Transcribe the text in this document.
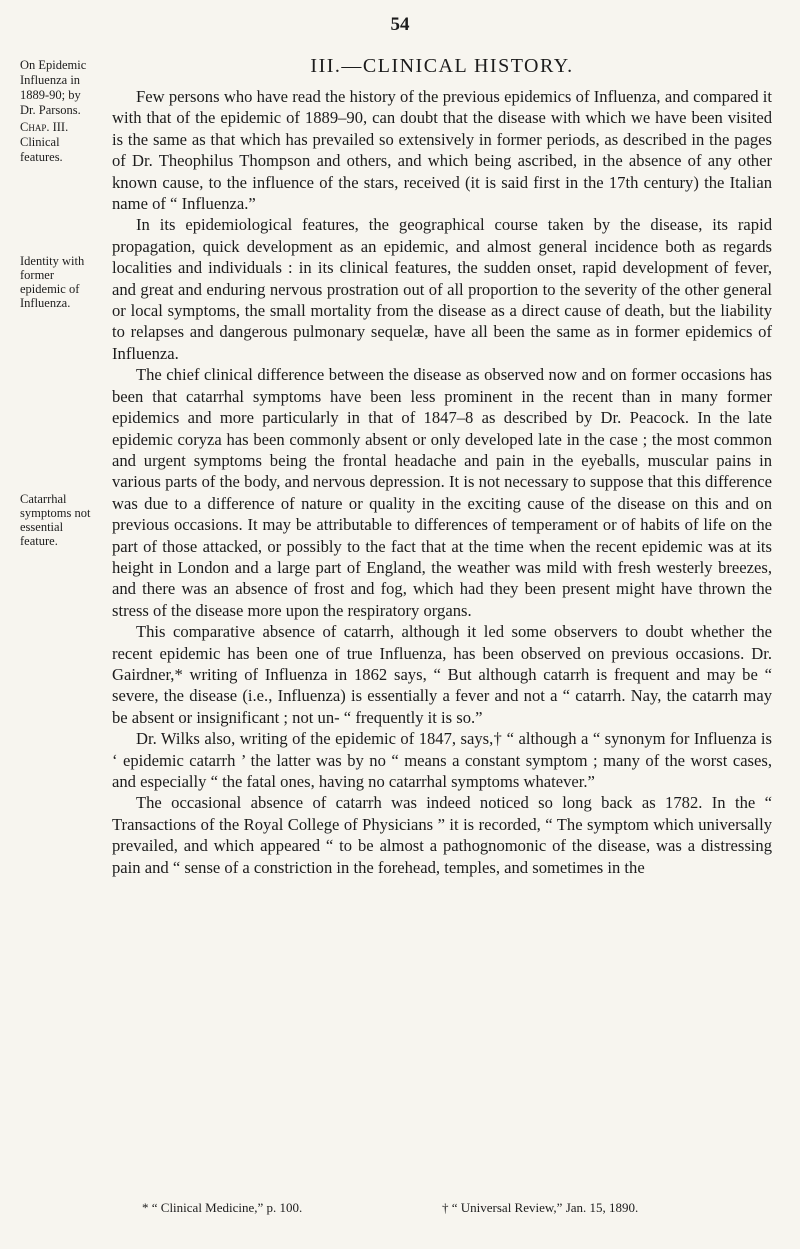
54
On Epidemic Influenza in 1889-90; by Dr. Parsons.
Chap. III.
Clinical features.
Identity with former epidemic of Influenza.
Catarrhal symptoms not essential feature.
III.—CLINICAL HISTORY.

Few persons who have read the history of the previous epidemics of Influenza, and compared it with that of the epidemic of 1889–90, can doubt that the disease with which we have been visited is the same as that which has prevailed so extensively in former periods, as described in the pages of Dr. Theophilus Thompson and others, and which being ascribed, in the absence of any other known cause, to the influence of the stars, received (it is said first in the 17th century) the Italian name of “ Influenza.”

In its epidemiological features, the geographical course taken by the disease, its rapid propagation, quick development as an epidemic, and almost general incidence both as regards localities and individuals : in its clinical features, the sudden onset, rapid development of fever, and great and enduring nervous prostration out of all proportion to the severity of the other general or local symptoms, the small mortality from the disease as a direct cause of death, but the liability to relapses and dangerous pulmonary sequelæ, have all been the same as in former epidemics of Influenza.

The chief clinical difference between the disease as observed now and on former occasions has been that catarrhal symptoms have been less prominent in the recent than in many former epidemics and more particularly in that of 1847–8 as described by Dr. Peacock. In the late epidemic coryza has been commonly absent or only developed late in the case ; the most common and urgent symptoms being the frontal headache and pain in the eyeballs, muscular pains in various parts of the body, and nervous depression. It is not necessary to suppose that this difference was due to a difference of nature or quality in the exciting cause of the disease on this and on previous occasions. It may be attributable to differences of temperament or of habits of life on the part of those attacked, or possibly to the fact that at the time when the recent epidemic was at its height in London and a large part of England, the weather was mild with fresh westerly breezes, and there was an absence of frost and fog, which had they been present might have thrown the stress of the disease more upon the respiratory organs.

This comparative absence of catarrh, although it led some observers to doubt whether the recent epidemic has been one of true Influenza, has been observed on previous occasions. Dr. Gairdner,* writing of Influenza in 1862 says, “ But although catarrh is frequent and may be “ severe, the disease (i.e., Influenza) is essentially a fever and not a “ catarrh. Nay, the catarrh may be absent or insignificant ; not un- “ frequently it is so.”

Dr. Wilks also, writing of the epidemic of 1847, says,† “ although a “ synonym for Influenza is ‘ epidemic catarrh ’ the latter was by no “ means a constant symptom ; many of the worst cases, and especially “ the fatal ones, having no catarrhal symptoms whatever.”

The occasional absence of catarrh was indeed noticed so long back as 1782. In the “ Transactions of the Royal College of Physicians ” it is recorded, “ The symptom which universally prevailed, and which appeared “ to be almost a pathognomonic of the disease, was a distressing pain and “ sense of a constriction in the forehead, temples, and sometimes in the

* “ Clinical Medicine,” p. 100.	† “ Universal Review,” Jan. 15, 1890.
